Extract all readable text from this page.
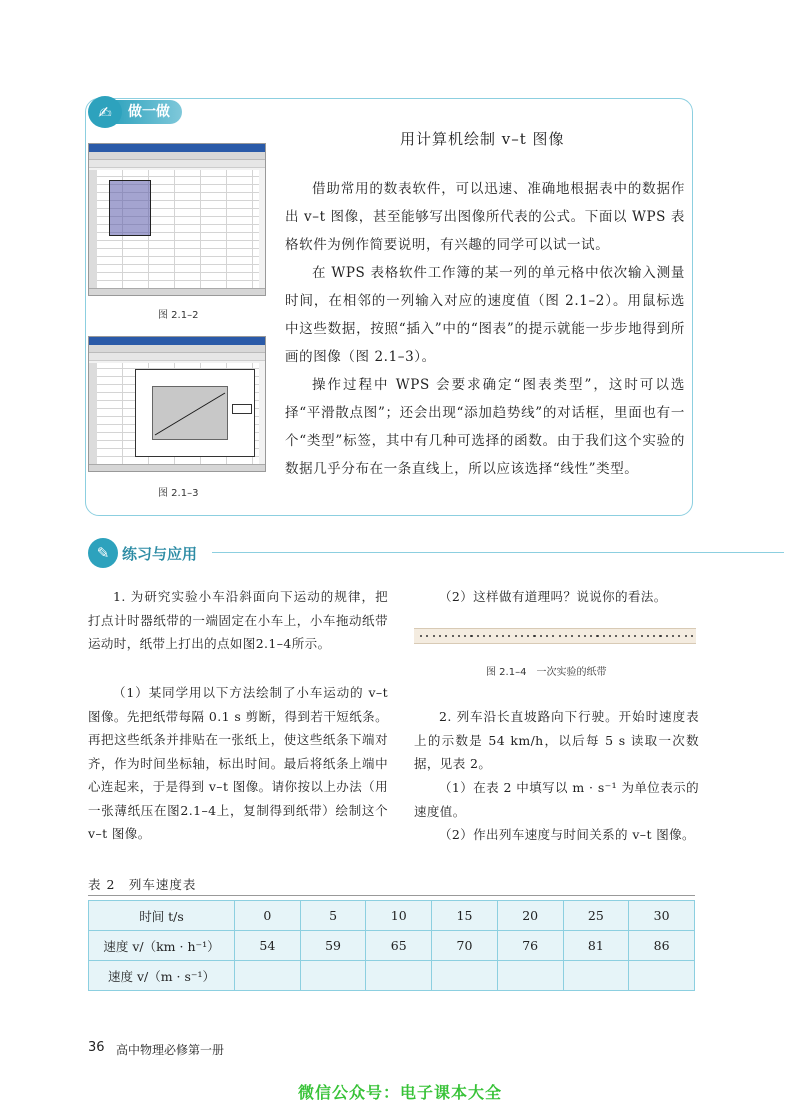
做一做
✍
用计算机绘制 v–t 图像

借助常用的数表软件，可以迅速、准确地根据表中的数据作出 v–t 图像，甚至能够写出图像所代表的公式。下面以 WPS 表格软件为例作简要说明，有兴趣的同学可以试一试。

在 WPS 表格软件工作簿的某一列的单元格中依次输入测量时间，在相邻的一列输入对应的速度值（图 2.1–2）。用鼠标选中这些数据，按照“插入”中的“图表”的提示就能一步步地得到所画的图像（图 2.1–3）。

操作过程中 WPS 会要求确定“图表类型”，这时可以选择“平滑散点图”；还会出现“添加趋势线”的对话框，里面也有一个“类型”标签，其中有几种可选择的函数。由于我们这个实验的数据几乎分布在一条直线上，所以应该选择“线性”类型。

图 2.1–2
图 2.1–3
✎ 练习与应用

1. 为研究实验小车沿斜面向下运动的规律，把打点计时器纸带的一端固定在小车上，小车拖动纸带运动时，纸带上打出的点如图2.1–4所示。

（1）某同学用以下方法绘制了小车运动的 v–t 图像。先把纸带每隔 0.1 s 剪断，得到若干短纸条。再把这些纸条并排贴在一张纸上，使这些纸条下端对齐，作为时间坐标轴，标出时间。最后将纸条上端中心连起来，于是得到 v–t 图像。请你按以上办法（用一张薄纸压在图2.1–4上，复制得到纸带）绘制这个 v–t 图像。

（2）这样做有道理吗？说说你的看法。

图 2.1–4　一次实验的纸带

2. 列车沿长直坡路向下行驶。开始时速度表上的示数是 54 km/h，以后每 5 s 读取一次数据，见表 2。

（1）在表 2 中填写以 m · s⁻¹ 为单位表示的速度值。

（2）作出列车速度与时间关系的 v–t 图像。

表 2　列车速度表
时间 t/s	0	5	10	15	20	25	30
速度 v/（km · h⁻¹）	54	59	65	70	76	81	86
速度 v/（m · s⁻¹）							
36 高中物理必修第一册
微信公众号：电子课本大全
